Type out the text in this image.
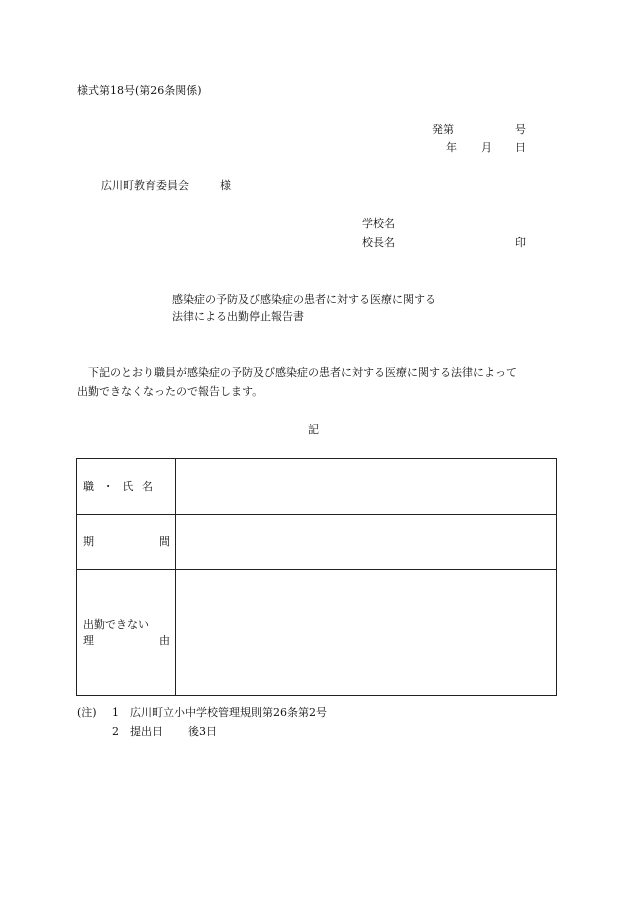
様式第18号(第26条関係)
発第	号
年 月 日
広川町教育委員会	様
学校名
校長名	印
感染症の予防及び感染症の患者に対する医療に関する
法律による出勤停止報告書
下記のとおり職員が感染症の予防及び感染症の患者に対する医療に関する法律によって
出勤できなくなったので報告します。
記
職 ・ 氏 名	

期 間	

出勤できない
理 由	

(注) 1 広川町立小中学校管理規則第26条第2号
2 提出日 後3日
